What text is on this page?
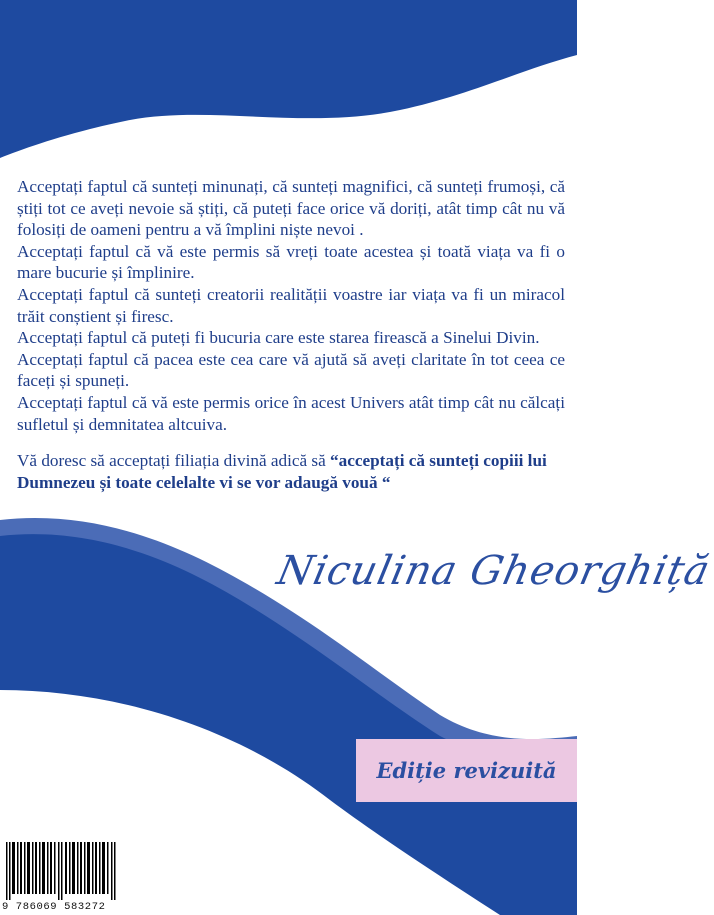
Acceptați faptul că sunteți minunați, că sunteți magnifici, că sunteți frumoși, că știți tot ce aveți nevoie să știți, că puteți face orice vă doriți, atât timp cât nu vă folosiți de oameni pentru a vă împlini niște nevoi .

Acceptați faptul că vă este permis să vreți toate acestea și toată viața va fi o mare bucurie și împlinire.

Acceptați faptul că sunteți creatorii realității voastre iar viața va fi un miracol trăit conștient și firesc.

Acceptați faptul că puteți fi bucuria care este starea firească a Sinelui Divin.

Acceptați faptul că pacea este cea care vă ajută să aveți claritate în tot ceea ce faceți și spuneți.

Acceptați faptul că vă este permis orice în acest Univers atât timp cât nu călcați sufletul și demnitatea altcuiva.

Vă doresc să acceptați filiația divină adică să “acceptați că sunteți copiii lui Dumnezeu și toate celelalte vi se vor adaugă vouă “

Niculina Gheorghiță
Ediție revizuită
9 786069 583272
